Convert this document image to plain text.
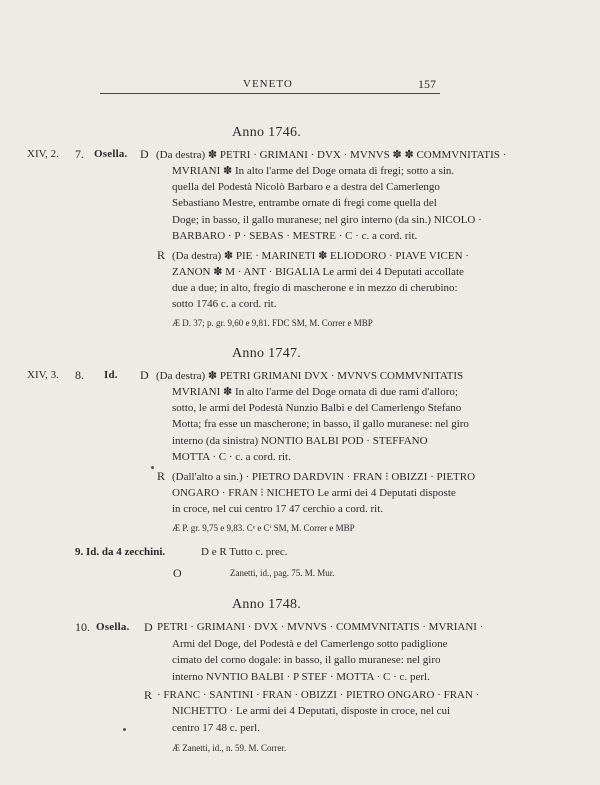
VENETO	157
Anno 1746.
XIV, 2. 7. Osella. D (Da destra) ✽ PETRI · GRIMANI · DVX · MVNVS ✽ ✽ COMMVNITATIS ·
MVRIANI ✽ In alto l'arme del Doge ornata di fregi; sotto a sin.
quella del Podestà Nicolò Barbaro e a destra del Camerlengo
Sebastiano Mestre, entrambe ornate di fregi come quella del
Doge; in basso, il gallo muranese; nel giro interno (da sin.) NICOLO ·
BARBARO · P · SEBAS · MESTRE · C · c. a cord. rit.
R (Da destra) ✽ PIE · MARINETI ✽ ELIODORO · PIAVE VICEN ·
ZANON ✽ M · ANT · BIGALIA Le armi dei 4 Deputati accollate
due a due; in alto, fregio di mascherone e in mezzo di cherubino:
sotto 1746 c. a cord. rit.
Æ D. 37; p. gr. 9,60 e 9,81. FDC SM, M. Correr e MBP
Anno 1747.
XIV, 3. 8. Id. D (Da destra) ✽ PETRI GRIMANI DVX · MVNVS COMMVNITATIS
MVRIANI ✽ In alto l'arme del Doge ornata di due rami d'alloro;
sotto, le armi del Podestà Nunzio Balbi e del Camerlengo Stefano
Motta; fra esse un mascherone; in basso, il gallo muranese: nel giro
interno (da sinistra) NONTIO BALBI POD · STEFFANO
MOTTA · C · c. a cord. rit.
R (Dall'alto a sin.) · PIETRO DARDVIN · FRAN ⁝ OBIZZI · PIETRO
ONGARO · FRAN ⁝ NICHETO Le armi dei 4 Deputati disposte
in croce, nel cui centro 17 47 cerchio a cord. rit.
Æ P. gr. 9,75 e 9,83. Cᵉ e Cⁱ SM, M. Correr e MBP
9. Id. da 4 zecchini.	D e R Tutto c. prec.
O	Zanetti, id., pag. 75. M. Mur.
Anno 1748.
10. Osella. D PETRI · GRIMANI · DVX · MVNVS · COMMVNITATIS · MVRIANI ·
Armi del Doge, del Podestà e del Camerlengo sotto padiglione
cimato del corno dogale: in basso, il gallo muranese: nel giro
interno NVNTIO BALBI · P STEF · MOTTA · C · c. perl.
R · FRANC · SANTINI · FRAN · OBIZZI · PIETRO ONGARO · FRAN ·
NICHETTO · Le armi dei 4 Deputati, disposte in croce, nel cui
centro 17 48 c. perl.
Æ Zanetti, id., n. 59. M. Correr.
